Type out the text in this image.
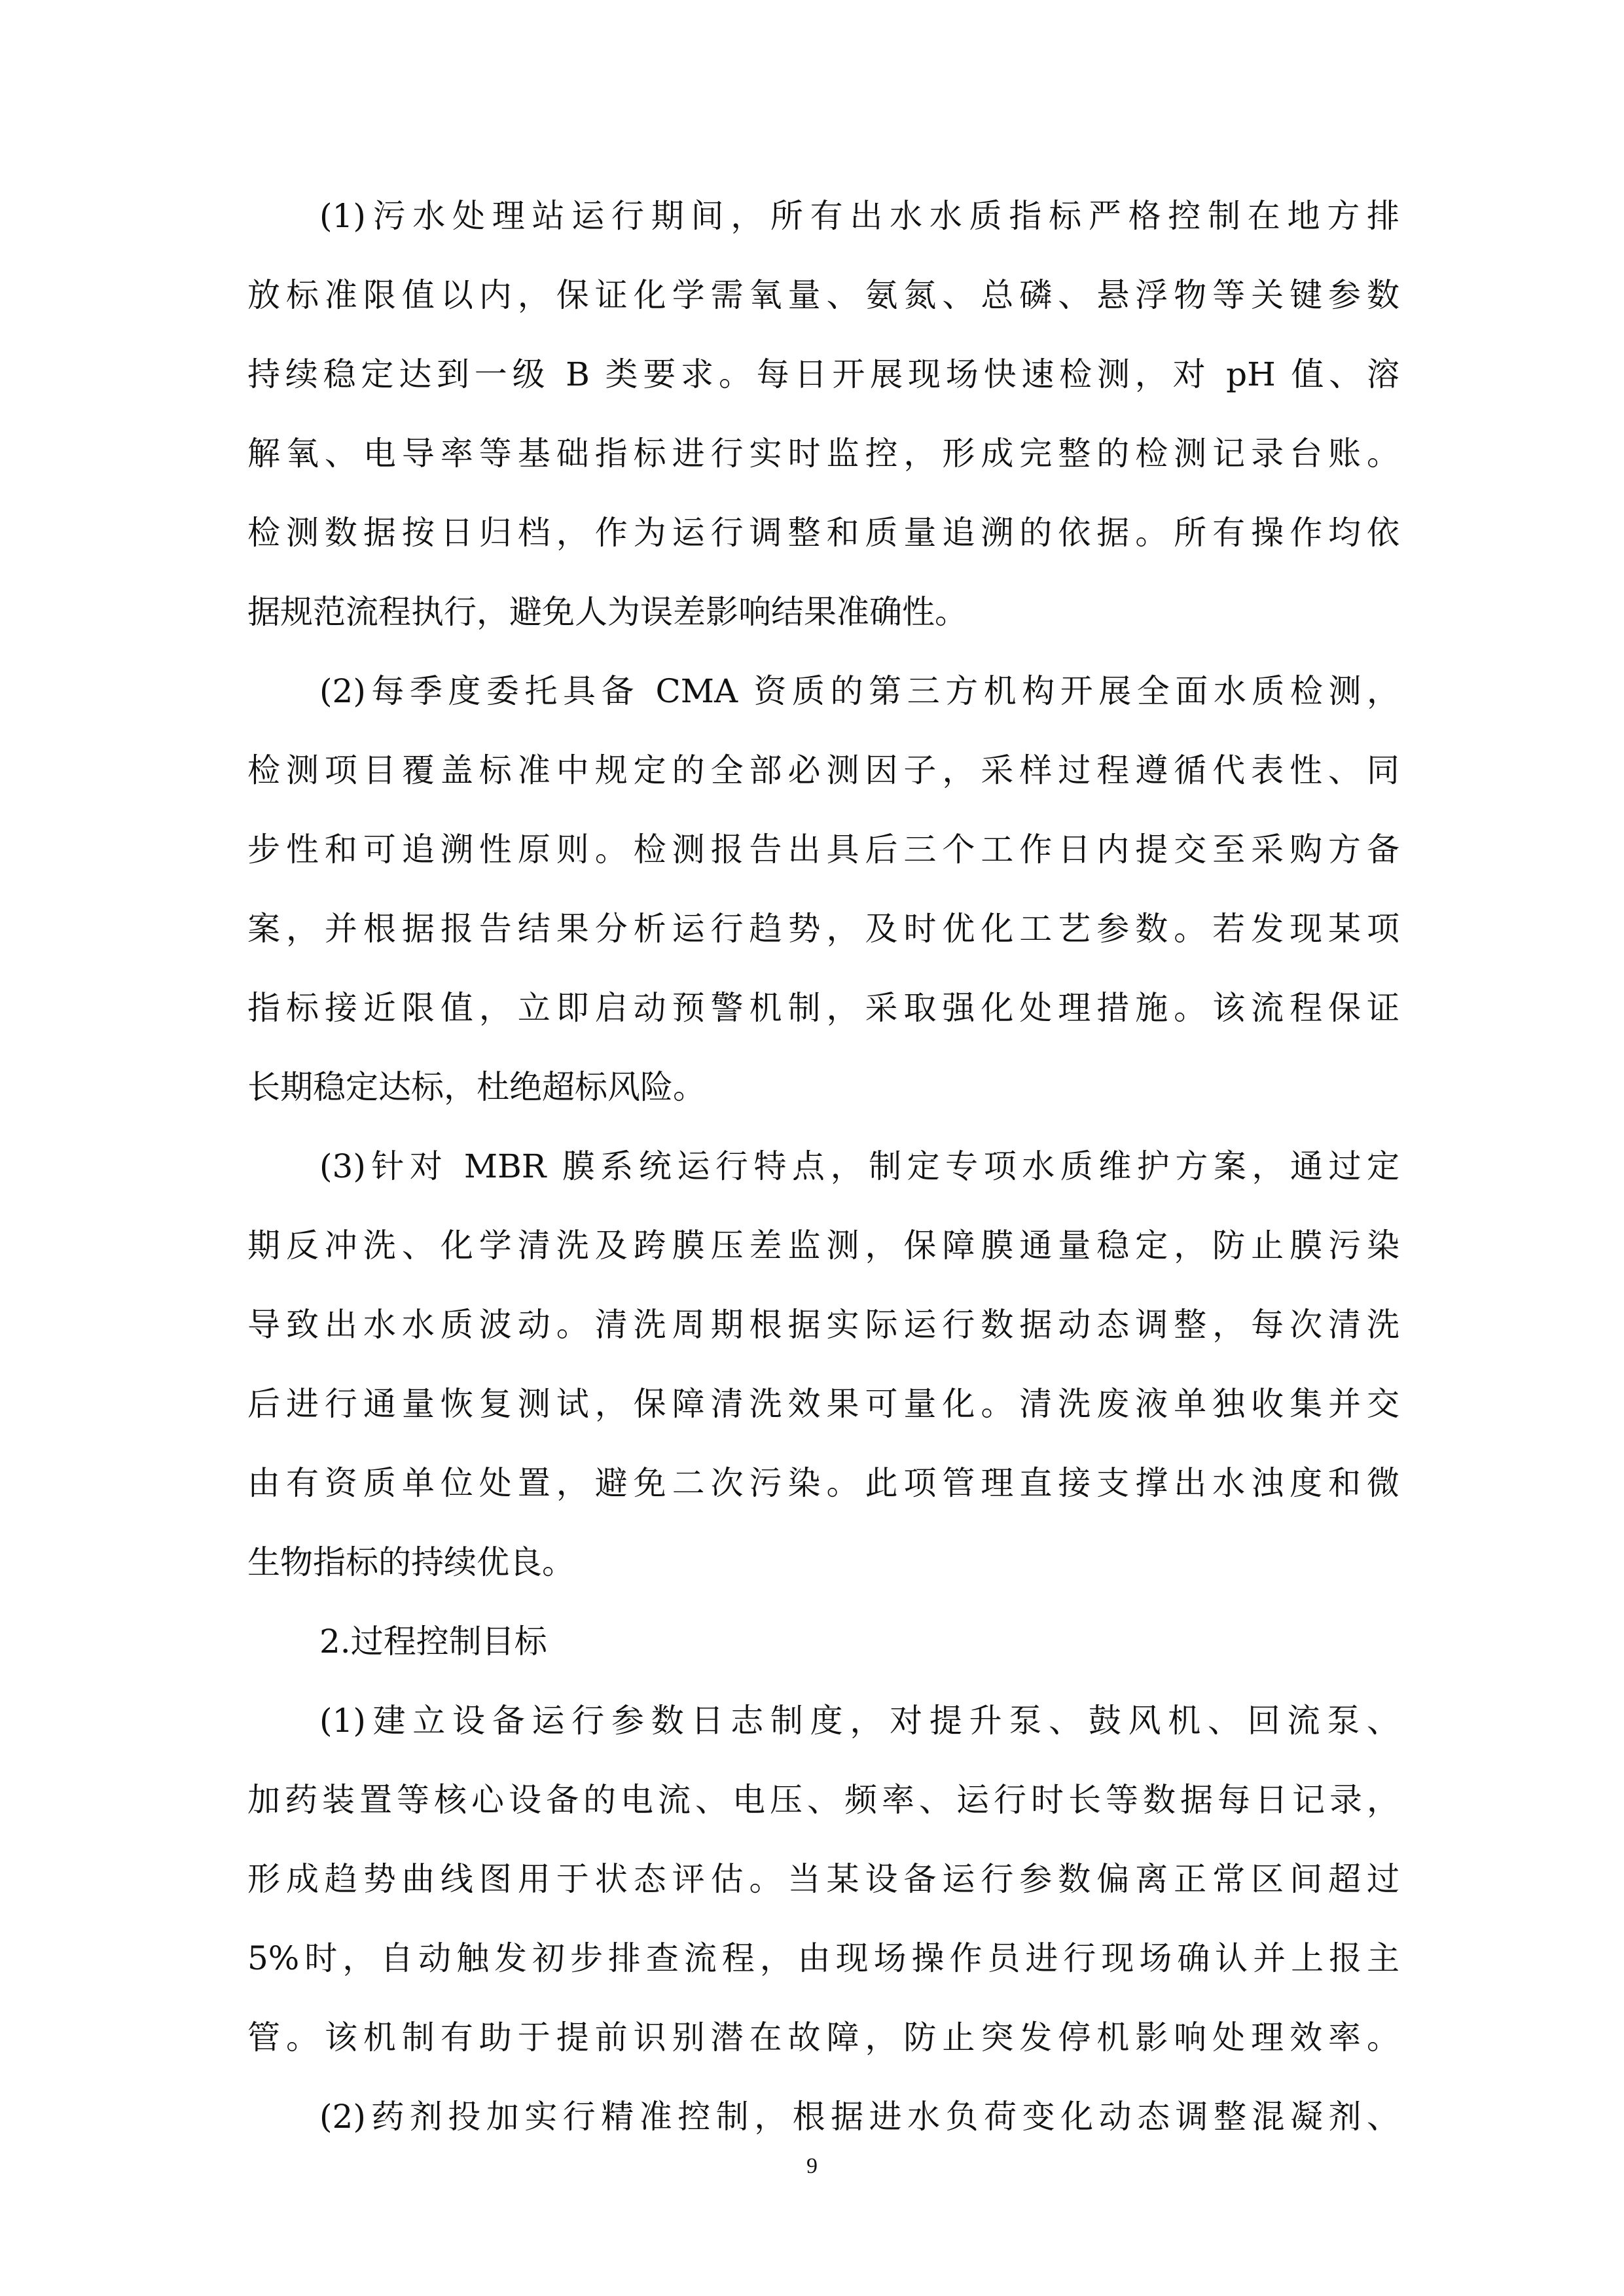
(1)污水处理站运行期间，所有出水水质指标严格控制在地方排
放标准限值以内，保证化学需氧量、氨氮、总磷、悬浮物等关键参数
持续稳定达到一级 B 类要求。每日开展现场快速检测，对 pH 值、溶
解氧、电导率等基础指标进行实时监控，形成完整的检测记录台账。
检测数据按日归档，作为运行调整和质量追溯的依据。所有操作均依
据规范流程执行，避免人为误差影响结果准确性。
(2)每季度委托具备 CMA 资质的第三方机构开展全面水质检测，
检测项目覆盖标准中规定的全部必测因子，采样过程遵循代表性、同
步性和可追溯性原则。检测报告出具后三个工作日内提交至采购方备
案，并根据报告结果分析运行趋势，及时优化工艺参数。若发现某项
指标接近限值，立即启动预警机制，采取强化处理措施。该流程保证
长期稳定达标，杜绝超标风险。
(3)针对 MBR 膜系统运行特点，制定专项水质维护方案，通过定
期反冲洗、化学清洗及跨膜压差监测，保障膜通量稳定，防止膜污染
导致出水水质波动。清洗周期根据实际运行数据动态调整，每次清洗
后进行通量恢复测试，保障清洗效果可量化。清洗废液单独收集并交
由有资质单位处置，避免二次污染。此项管理直接支撑出水浊度和微
生物指标的持续优良。
2.过程控制目标
(1)建立设备运行参数日志制度，对提升泵、鼓风机、回流泵、
加药装置等核心设备的电流、电压、频率、运行时长等数据每日记录，
形成趋势曲线图用于状态评估。当某设备运行参数偏离正常区间超过
5%时，自动触发初步排查流程，由现场操作员进行现场确认并上报主
管。该机制有助于提前识别潜在故障，防止突发停机影响处理效率。
(2)药剂投加实行精准控制，根据进水负荷变化动态调整混凝剂、
9
